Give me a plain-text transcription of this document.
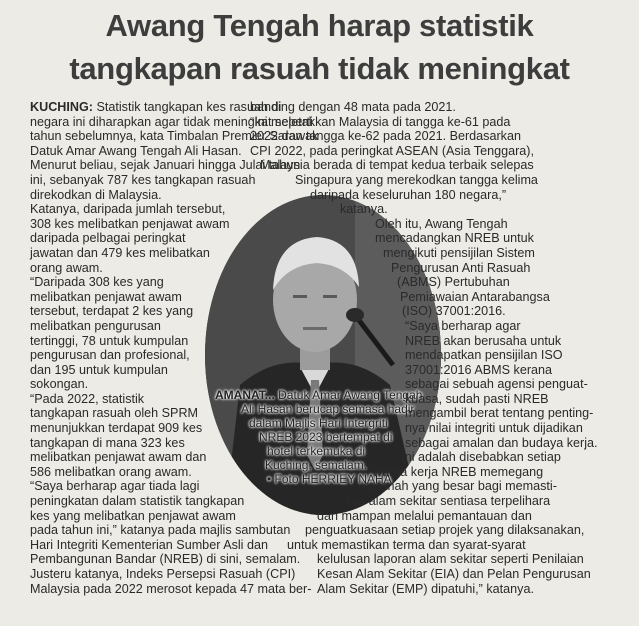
Awang Tengah harap statistik
tangkapan rasuah tidak meningkat
AMANAT... Datuk Amar Awang Tengah
Ali Hasan berucap semasa hadir
dalam Majlis Hari Intergriti
NREB 2023 bertempat di
hotel terkemuka di
Kuching, semalam.
• Foto HERRIEY NAHA

KUCHING: Statistik tangkapan kes rasuah di

negara ini diharapkan agar tidak meningkat seperti

tahun sebelumnya, kata Timbalan Premier Sarawak

Datuk Amar Awang Tengah Ali Hasan.

Menurut beliau, sejak Januari hingga Julai tahun

ini, sebanyak 787 kes tangkapan rasuah

direkodkan di Malaysia.

Katanya, daripada jumlah tersebut,

308 kes melibatkan penjawat awam

daripada pelbagai peringkat

jawatan dan 479 kes melibatkan

orang awam.

“Daripada 308 kes yang

melibatkan penjawat awam

tersebut, terdapat 2 kes yang

melibatkan pengurusan

tertinggi, 78 untuk kumpulan

pengurusan dan profesional,

dan 195 untuk kumpulan

sokongan.

“Pada 2022, statistik

tangkapan rasuah oleh SPRM

menunjukkan terdapat 909 kes

tangkapan di mana 323 kes

melibatkan penjawat awam dan

586 melibatkan orang awam.

“Saya berharap agar tiada lagi

peningkatan dalam statistik tangkapan

kes yang melibatkan penjawat awam

pada tahun ini,” katanya pada majlis sambutan

Hari Integriti Kementerian Sumber Asli dan

Pembangunan Bandar (NREB) di sini, semalam.

Justeru katanya, Indeks Persepsi Rasuah (CPI)

Malaysia pada 2022 merosot kepada 47 mata ber-

banding dengan 48 mata pada 2021.

“Ini meletakkan Malaysia di tangga ke-61 pada

2022 dan tangga ke-62 pada 2021. Berdasarkan

CPI 2022, pada peringkat ASEAN (Asia Tenggara),

Malaysia berada di tempat kedua terbaik selepas

Singapura yang merekodkan tangga kelima

daripada keseluruhan 180 negara,”

katanya.

Oleh itu, Awang Tengah

mencadangkan NREB untuk

mengikuti pensijilan Sistem

Pengurusan Anti Rasuah

(ABMS) Pertubuhan

Pemiawaian Antarabangsa

(ISO) 37001:2016.

“Saya berharap agar

NREB akan berusaha untuk

mendapatkan pensijilan ISO

37001:2016 ABMS kerana

sebagai sebuah agensi penguat-

kuasa, sudah pasti NREB

mengambil berat tentang penting-

nya nilai integriti untuk dijadikan

sebagai amalan dan budaya kerja.

“Ini adalah disebabkan setiap

warga kerja NREB memegang

amanah yang besar bagi memasti-

kan alam sekitar sentiasa terpelihara

dan mampan melalui pemantauan dan

penguatkuasaan setiap projek yang dilaksanakan,

untuk memastikan terma dan syarat-syarat

kelulusan laporan alam sekitar seperti Penilaian

Kesan Alam Sekitar (EIA) dan Pelan Pengurusan

Alam Sekitar (EMP) dipatuhi,” katanya.
